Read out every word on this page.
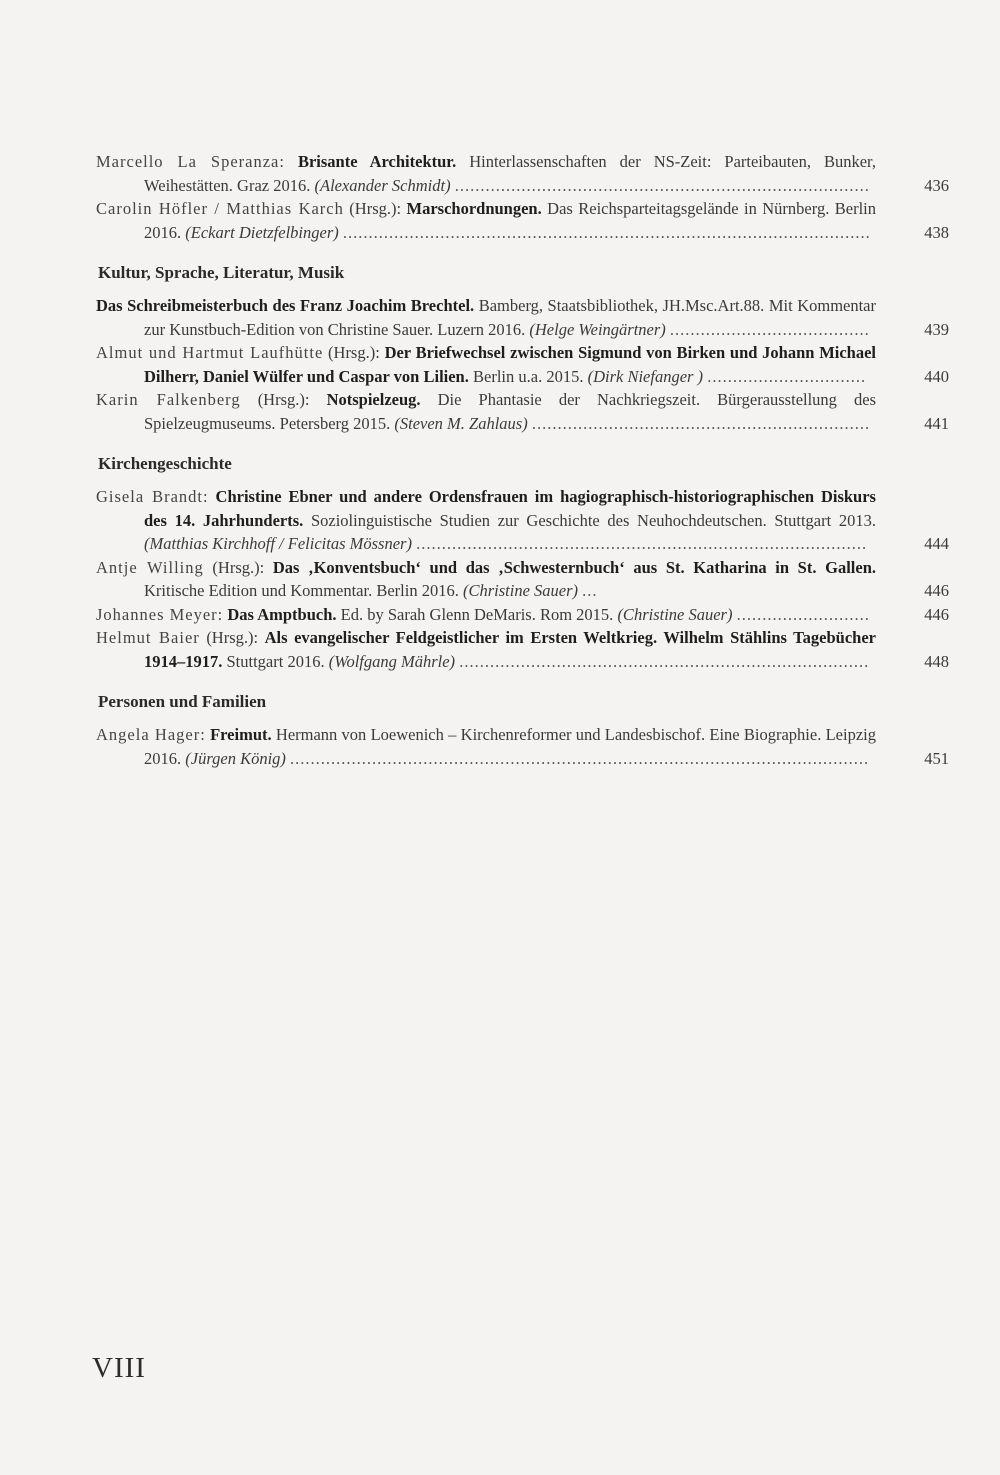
Marcello La Speranza: Brisante Architektur. Hinterlassenschaften der NS-Zeit: Parteibauten, Bunker, Weihestätten. Graz 2016. (Alexander Schmidt) .................................................................................	436
Carolin Höfler / Matthias Karch (Hrsg.): Marschordnungen. Das Reichsparteitagsgelände in Nürnberg. Berlin 2016. (Eckart Dietzfelbinger) .......................................................................................................	438
Kultur, Sprache, Literatur, Musik
Das Schreibmeisterbuch des Franz Joachim Brechtel. Bamberg, Staatsbibliothek, JH.Msc.Art.88. Mit Kommentar zur Kunstbuch-Edition von Christine Sauer. Luzern 2016. (Helge Weingärtner) .......................................	439
Almut und Hartmut Laufhütte (Hrsg.): Der Briefwechsel zwischen Sigmund von Birken und Johann Michael Dilherr, Daniel Wülfer und Caspar von Lilien. Berlin u.a. 2015. (Dirk Niefanger ) ...............................	440
Karin Falkenberg (Hrsg.): Notspielzeug. Die Phantasie der Nachkriegszeit. Bürgerausstellung des Spielzeugmuseums. Petersberg 2015. (Steven M. Zahlaus) ..................................................................	441
Kirchengeschichte
Gisela Brandt: Christine Ebner und andere Ordensfrauen im hagiographisch-historiographischen Diskurs des 14. Jahrhunderts. Soziolinguistische Studien zur Geschichte des Neuhochdeutschen. Stuttgart 2013. (Matthias Kirchhoff / Felicitas Mössner) ........................................................................................	444
Antje Willing (Hrsg.): Das ‚Konventsbuch‘ und das ‚Schwesternbuch‘ aus St. Katharina in St. Gallen. Kritische Edition und Kommentar. Berlin 2016. (Christine Sauer) ...	446
Johannes Meyer: Das Amptbuch. Ed. by Sarah Glenn DeMaris. Rom 2015. (Christine Sauer) ..........................	446
Helmut Baier (Hrsg.): Als evangelischer Feldgeistlicher im Ersten Weltkrieg. Wilhelm Stählins Tagebücher 1914–1917. Stuttgart 2016. (Wolfgang Mährle) ................................................................................	448
Personen und Familien
Angela Hager: Freimut. Hermann von Loewenich – Kirchenreformer und Landesbischof. Eine Biographie. Leipzig 2016. (Jürgen König) .................................................................................................................	451
VIII
